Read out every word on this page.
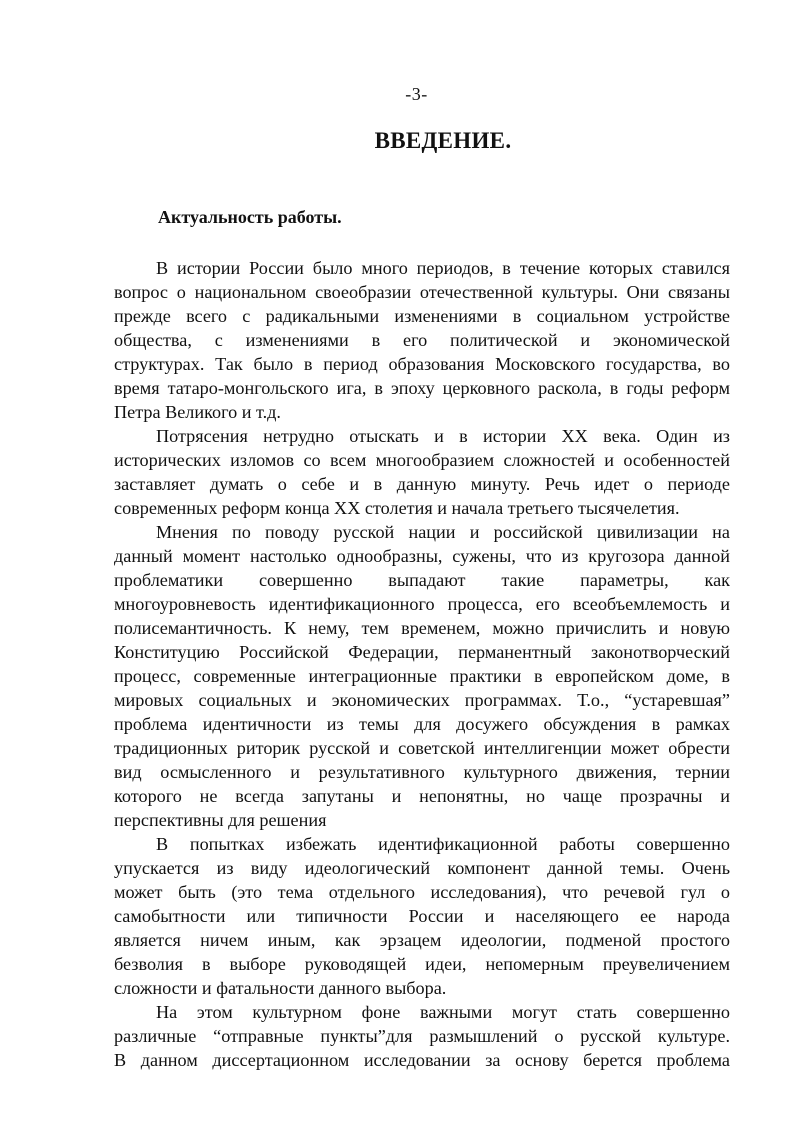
-3-
ВВЕДЕНИЕ.
Актуальность работы.
В истории России было много периодов, в течение которых ставился
вопрос о национальном своеобразии отечественной культуры. Они связаны
прежде всего с радикальными изменениями в социальном устройстве
общества, с изменениями в его политической и экономической
структурах. Так было в период образования Московского государства, во
время татаро-монгольского ига, в эпоху церковного раскола, в годы реформ
Петра Великого и т.д.
Потрясения нетрудно отыскать и в истории XX века. Один из
исторических изломов со всем многообразием сложностей и особенностей
заставляет думать о себе и в данную минуту. Речь идет о периоде
современных реформ конца XX столетия и начала третьего тысячелетия.
Мнения по поводу русской нации и российской цивилизации на
данный момент настолько однообразны, сужены, что из кругозора данной
проблематики совершенно выпадают такие параметры, как
многоуровневость идентификационного процесса, его всеобъемлемость и
полисемантичность. К нему, тем временем, можно причислить и новую
Конституцию Российской Федерации, перманентный законотворческий
процесс, современные интеграционные практики в европейском доме, в
мировых социальных и экономических программах. Т.о., “устаревшая”
проблема идентичности из темы для досужего обсуждения в рамках
традиционных риторик русской и советской интеллигенции может обрести
вид осмысленного и результативного культурного движения, тернии
которого не всегда запутаны и непонятны, но чаще прозрачны и
перспективны для решения
В попытках избежать идентификационной работы совершенно
упускается из виду идеологический компонент данной темы. Очень
может быть (это тема отдельного исследования), что речевой гул о
самобытности или типичности России и населяющего ее народа
является ничем иным, как эрзацем идеологии, подменой простого
безволия в выборе руководящей идеи, непомерным преувеличением
сложности и фатальности данного выбора.
На этом культурном фоне важными могут стать совершенно
различные “отправные пункты”для размышлений о русской культуре.
В данном диссертационном исследовании за основу берется проблема
